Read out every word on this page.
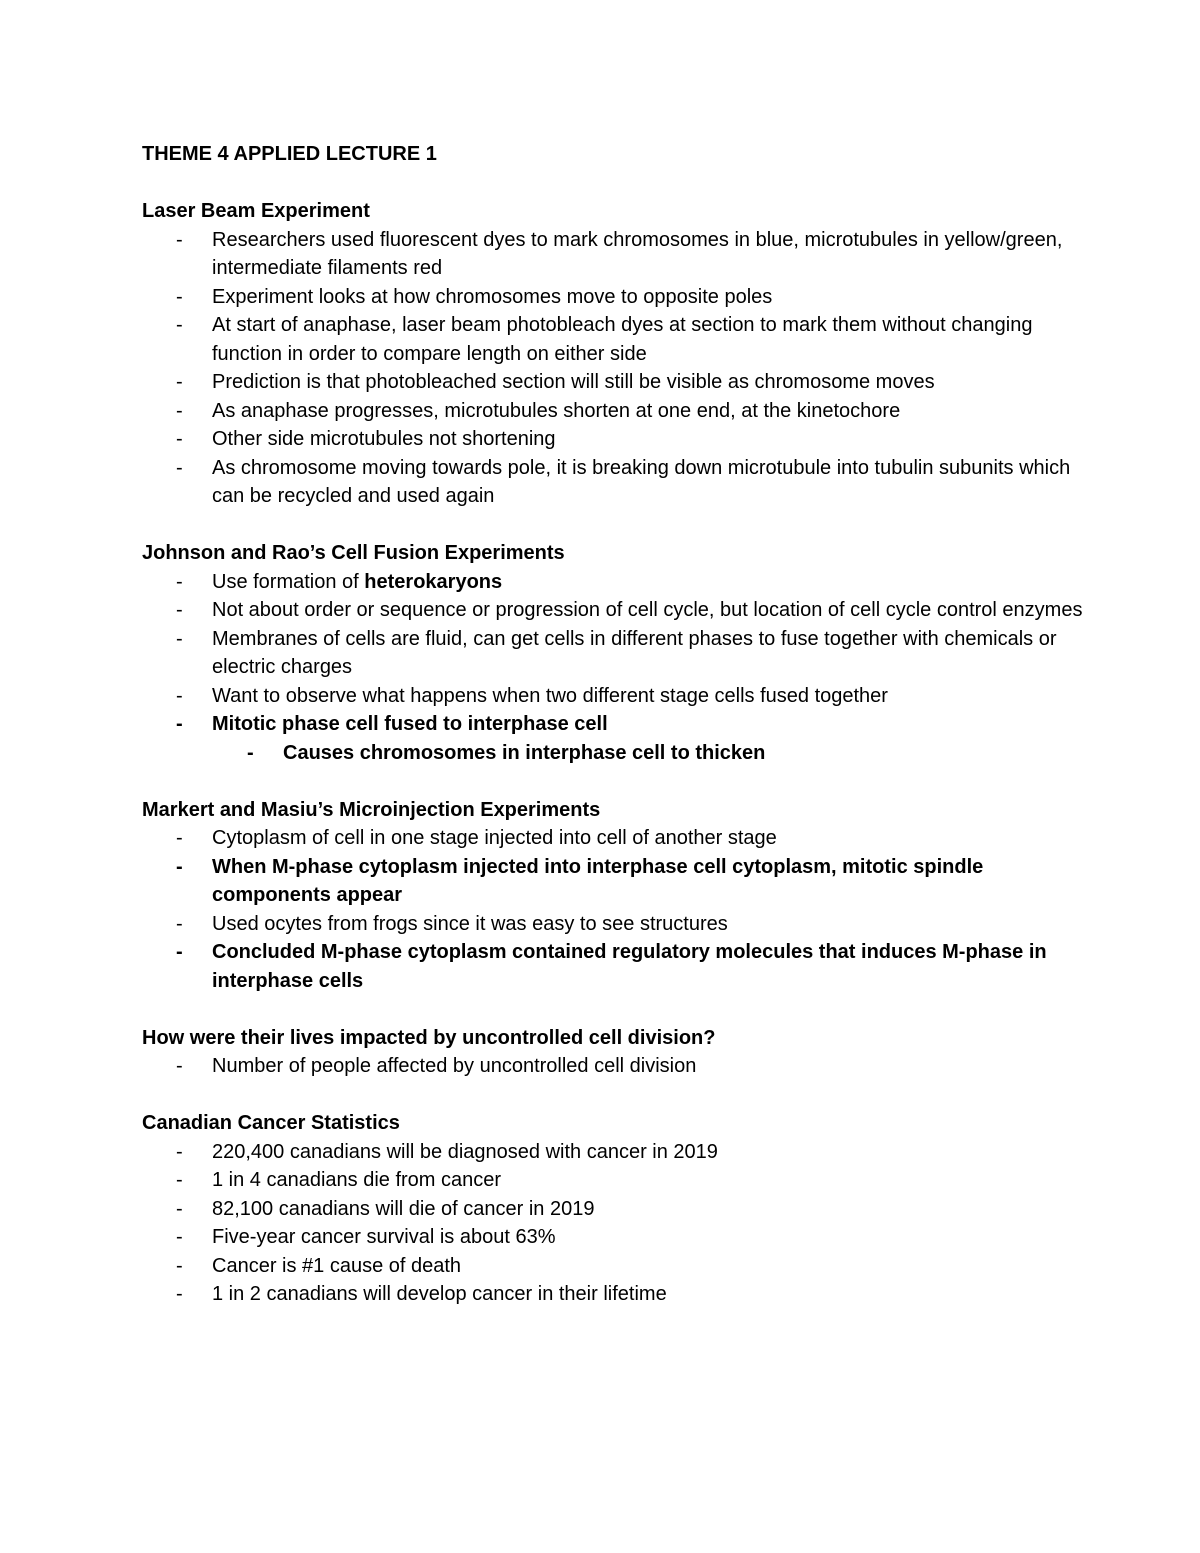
THEME 4 APPLIED LECTURE 1
Laser Beam Experiment
- Researchers used fluorescent dyes to mark chromosomes in blue, microtubules in yellow/green, intermediate filaments red
- Experiment looks at how chromosomes move to opposite poles
- At start of anaphase, laser beam photobleach dyes at section to mark them without changing function in order to compare length on either side
- Prediction is that photobleached section will still be visible as chromosome moves
- As anaphase progresses, microtubules shorten at one end, at the kinetochore
- Other side microtubules not shortening
- As chromosome moving towards pole, it is breaking down microtubule into tubulin subunits which can be recycled and used again
Johnson and Rao’s Cell Fusion Experiments
- Use formation of heterokaryons
- Not about order or sequence or progression of cell cycle, but location of cell cycle control enzymes
- Membranes of cells are fluid, can get cells in different phases to fuse together with chemicals or electric charges
- Want to observe what happens when two different stage cells fused together
- Mitotic phase cell fused to interphase cell
- Causes chromosomes in interphase cell to thicken
Markert and Masiu’s Microinjection Experiments
- Cytoplasm of cell in one stage injected into cell of another stage
- When M-phase cytoplasm injected into interphase cell cytoplasm, mitotic spindle components appear
- Used ocytes from frogs since it was easy to see structures
- Concluded M-phase cytoplasm contained regulatory molecules that induces M-phase in interphase cells
How were their lives impacted by uncontrolled cell division?
- Number of people affected by uncontrolled cell division
Canadian Cancer Statistics
- 220,400 canadians will be diagnosed with cancer in 2019
- 1 in 4 canadians die from cancer
- 82,100 canadians will die of cancer in 2019
- Five-year cancer survival is about 63%
- Cancer is #1 cause of death
- 1 in 2 canadians will develop cancer in their lifetime
